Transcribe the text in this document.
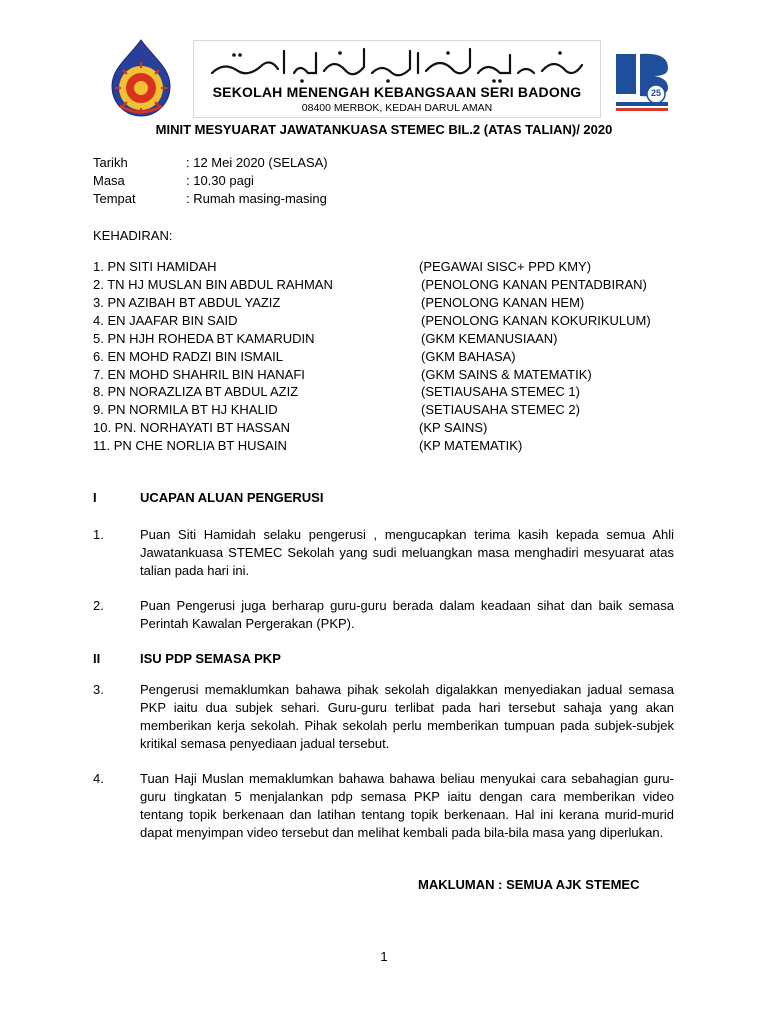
SEKOLAH MENENGAH KEBANGSAAN SERI BADONG
08400 MERBOK, KEDAH DARUL AMAN
25
MINIT MESYUARAT JAWATANKUASA STEMEC BIL.2 (ATAS TALIAN)/ 2020
Tarikh	: 12 Mei 2020 (SELASA)
Masa	: 10.30 pagi
Tempat	: Rumah masing-masing
KEHADIRAN:
1. PN SITI HAMIDAH	(PEGAWAI SISC+ PPD KMY)
2. TN HJ MUSLAN BIN ABDUL RAHMAN	(PENOLONG KANAN PENTADBIRAN)
3. PN AZIBAH BT ABDUL YAZIZ	(PENOLONG KANAN HEM)
4. EN JAAFAR BIN SAID	(PENOLONG KANAN KOKURIKULUM)
5. PN HJH ROHEDA BT KAMARUDIN	(GKM KEMANUSIAAN)
6. EN MOHD RADZI BIN ISMAIL	(GKM BAHASA)
7. EN MOHD SHAHRIL BIN HANAFI	(GKM SAINS & MATEMATIK)
8. PN NORAZLIZA BT ABDUL AZIZ	(SETIAUSAHA STEMEC 1)
9. PN NORMILA BT HJ KHALID	(SETIAUSAHA STEMEC 2)
10. PN. NORHAYATI BT HASSAN	(KP SAINS)
11. PN CHE NORLIA BT HUSAIN	(KP MATEMATIK)
I	UCAPAN ALUAN PENGERUSI
1.	Puan Siti Hamidah selaku pengerusi , mengucapkan terima kasih kepada semua Ahli Jawatankuasa STEMEC Sekolah yang sudi meluangkan masa menghadiri mesyuarat atas talian pada hari ini.
2.	Puan Pengerusi juga berharap guru-guru berada dalam keadaan sihat dan baik semasa Perintah Kawalan Pergerakan (PKP).
II	ISU PDP SEMASA PKP
3.	Pengerusi memaklumkan bahawa pihak sekolah digalakkan menyediakan jadual semasa PKP iaitu dua subjek sehari. Guru-guru terlibat pada hari tersebut sahaja yang akan memberikan kerja sekolah. Pihak sekolah perlu memberikan tumpuan pada subjek-subjek kritikal semasa penyediaan jadual tersebut.
4.	Tuan Haji Muslan memaklumkan bahawa bahawa beliau menyukai cara sebahagian guru-guru tingkatan 5 menjalankan pdp semasa PKP iaitu dengan cara memberikan video tentang topik berkenaan dan latihan tentang topik berkenaan. Hal ini kerana murid-murid dapat menyimpan video tersebut dan melihat kembali pada bila-bila masa yang diperlukan.
MAKLUMAN : SEMUA AJK STEMEC
1
